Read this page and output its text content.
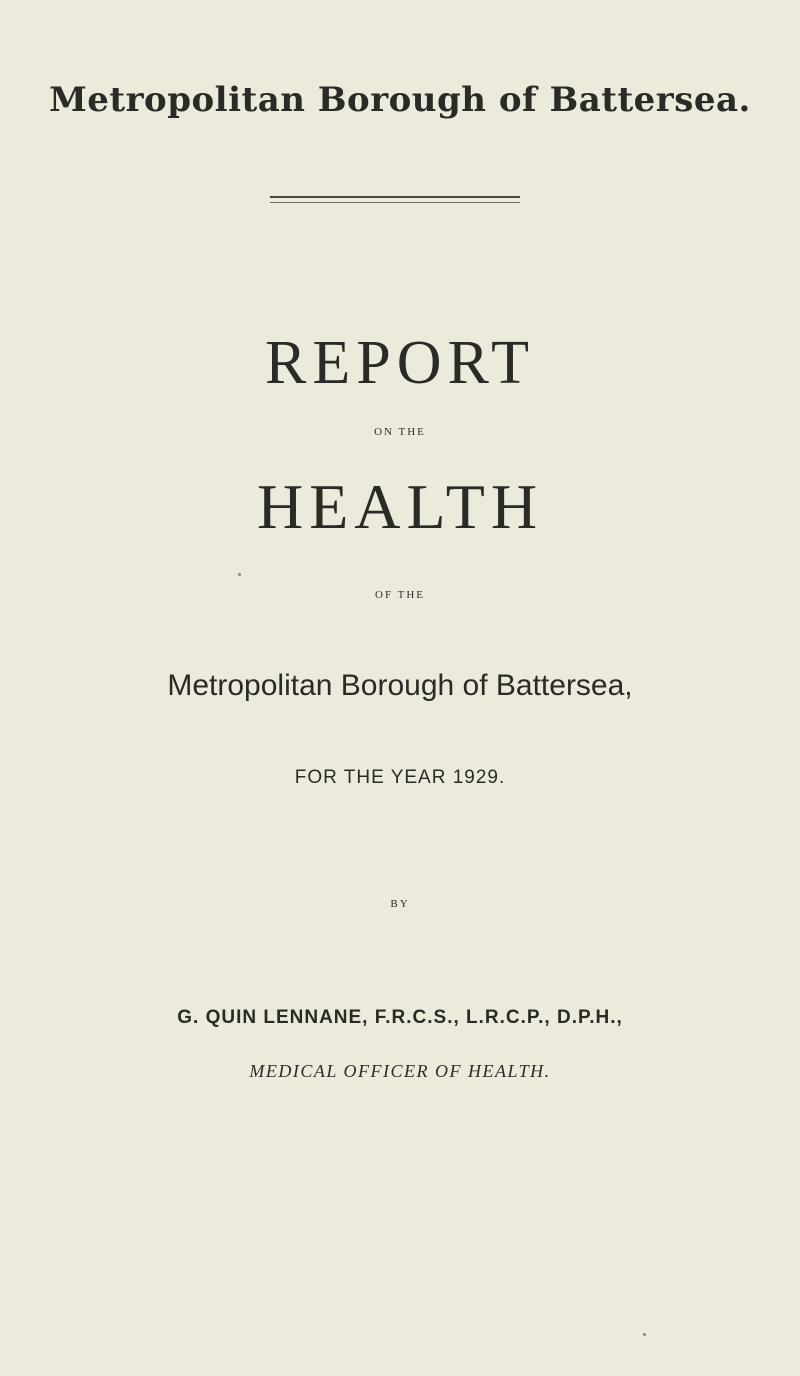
Metropolitan Borough of Battersea.
REPORT
ON THE
HEALTH
OF THE
Metropolitan Borough of Battersea,
FOR THE YEAR 1929.
BY
G. QUIN LENNANE, F.R.C.S., L.R.C.P., D.P.H.,
MEDICAL OFFICER OF HEALTH.
